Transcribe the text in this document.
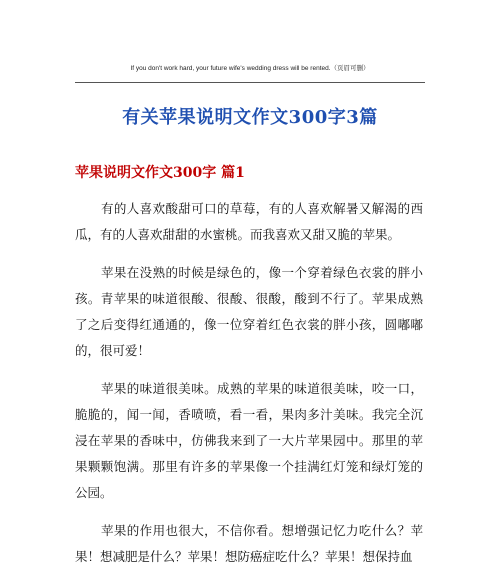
If you don't work hard, your future wife's wedding dress will be rented.（页眉可删）
有关苹果说明文作文300字3篇
苹果说明文作文300字 篇1

有的人喜欢酸甜可口的草莓，有的人喜欢解暑又解渴的西瓜，有的人喜欢甜甜的水蜜桃。而我喜欢又甜又脆的苹果。

苹果在没熟的时候是绿色的，像一个穿着绿色衣裳的胖小孩。青苹果的味道很酸、很酸、很酸，酸到不行了。苹果成熟了之后变得红通通的，像一位穿着红色衣裳的胖小孩，圆嘟嘟的，很可爱！

苹果的味道很美味。成熟的苹果的味道很美味，咬一口，脆脆的，闻一闻，香喷喷，看一看，果肉多汁美味。我完全沉浸在苹果的香味中，仿佛我来到了一大片苹果园中。那里的苹果颗颗饱满。那里有许多的苹果像一个挂满红灯笼和绿灯笼的公园。

苹果的作用也很大，不信你看。想增强记忆力吃什么？苹果！想减肥是什么？苹果！想防癌症吃什么？苹果！想保持血
